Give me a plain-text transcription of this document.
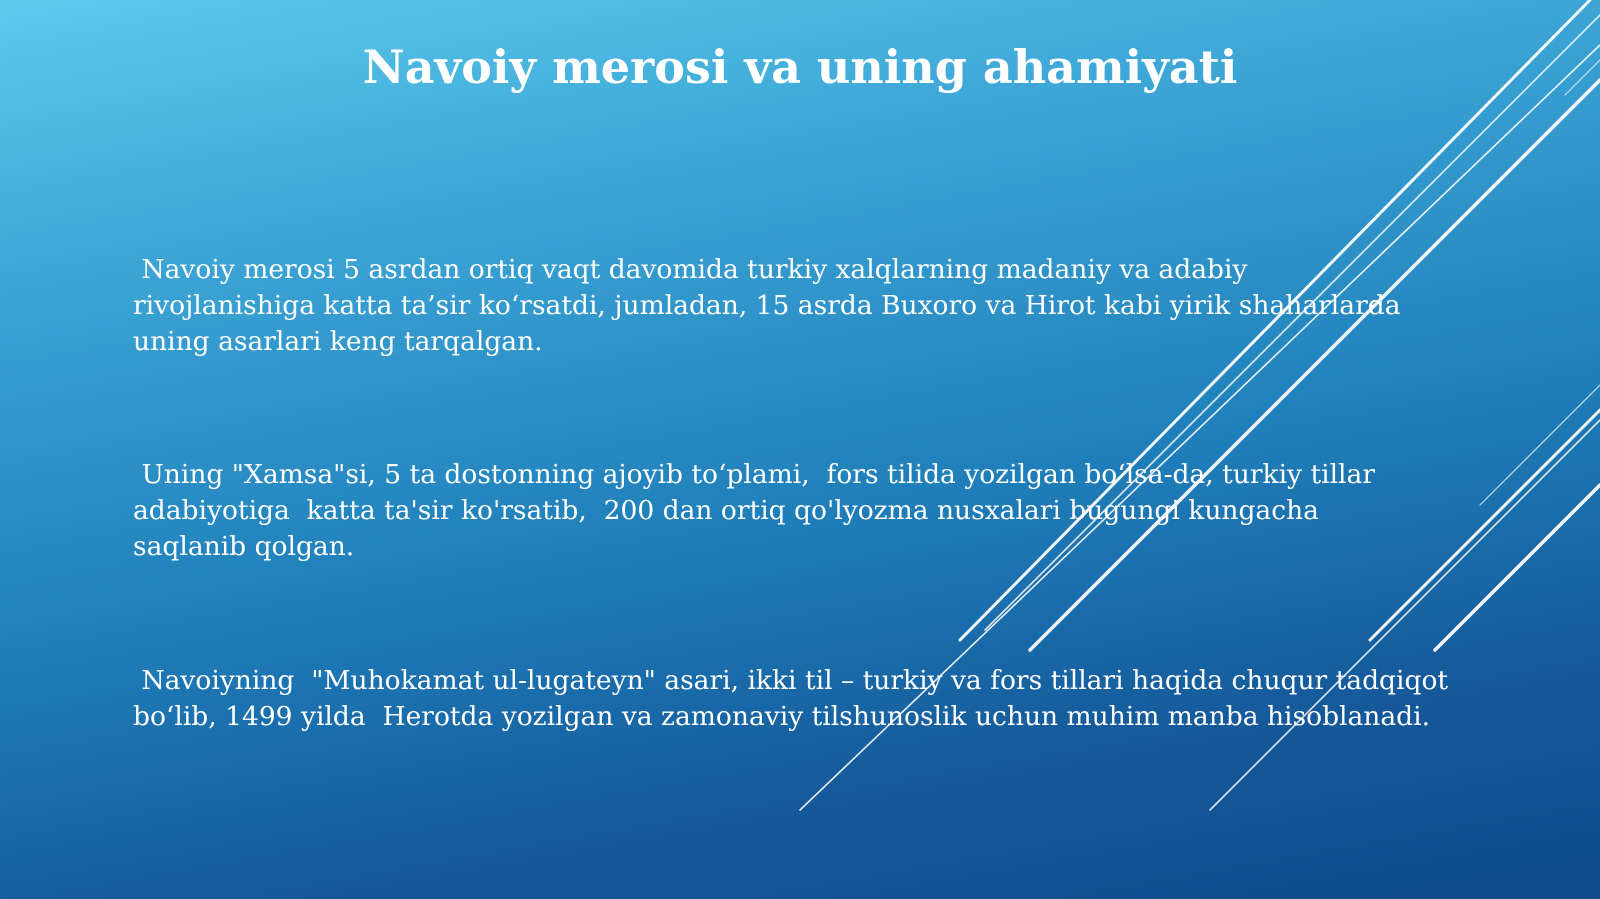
Navoiy merosi va uning ahamiyati

Navoiy merosi 5 asrdan ortiq vaqt davomida turkiy xalqlarning madaniy va adabiy
rivojlanishiga katta ta’sir koʻrsatdi, jumladan, 15 asrda Buxoro va Hirot kabi yirik shaharlarda
uning asarlari keng tarqalgan.

Uning "Xamsa"si, 5 ta dostonning ajoyib toʻplami,  fors tilida yozilgan boʻlsa-da, turkiy tillar
adabiyotiga  katta ta'sir ko'rsatib,  200 dan ortiq qo'lyozma nusxalari bugungi kungacha
saqlanib qolgan.

Navoiyning  "Muhokamat ul-lugateyn" asari, ikki til – turkiy va fors tillari haqida chuqur tadqiqot
boʻlib, 1499 yilda  Herotda yozilgan va zamonaviy tilshunoslik uchun muhim manba hisoblanadi.
